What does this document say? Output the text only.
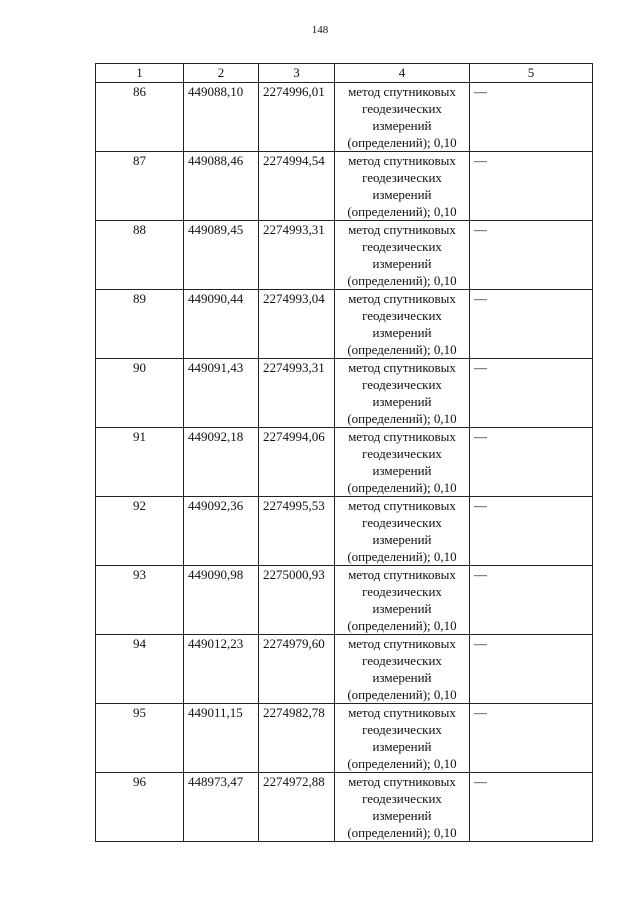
148
1	2	3	4	5
86	449088,10	2274996,01	метод спутниковых
геодезических
измерений
(определений); 0,10	—
87	449088,46	2274994,54	метод спутниковых
геодезических
измерений
(определений); 0,10	—
88	449089,45	2274993,31	метод спутниковых
геодезических
измерений
(определений); 0,10	—
89	449090,44	2274993,04	метод спутниковых
геодезических
измерений
(определений); 0,10	—
90	449091,43	2274993,31	метод спутниковых
геодезических
измерений
(определений); 0,10	—
91	449092,18	2274994,06	метод спутниковых
геодезических
измерений
(определений); 0,10	—
92	449092,36	2274995,53	метод спутниковых
геодезических
измерений
(определений); 0,10	—
93	449090,98	2275000,93	метод спутниковых
геодезических
измерений
(определений); 0,10	—
94	449012,23	2274979,60	метод спутниковых
геодезических
измерений
(определений); 0,10	—
95	449011,15	2274982,78	метод спутниковых
геодезических
измерений
(определений); 0,10	—
96	448973,47	2274972,88	метод спутниковых
геодезических
измерений
(определений); 0,10	—
